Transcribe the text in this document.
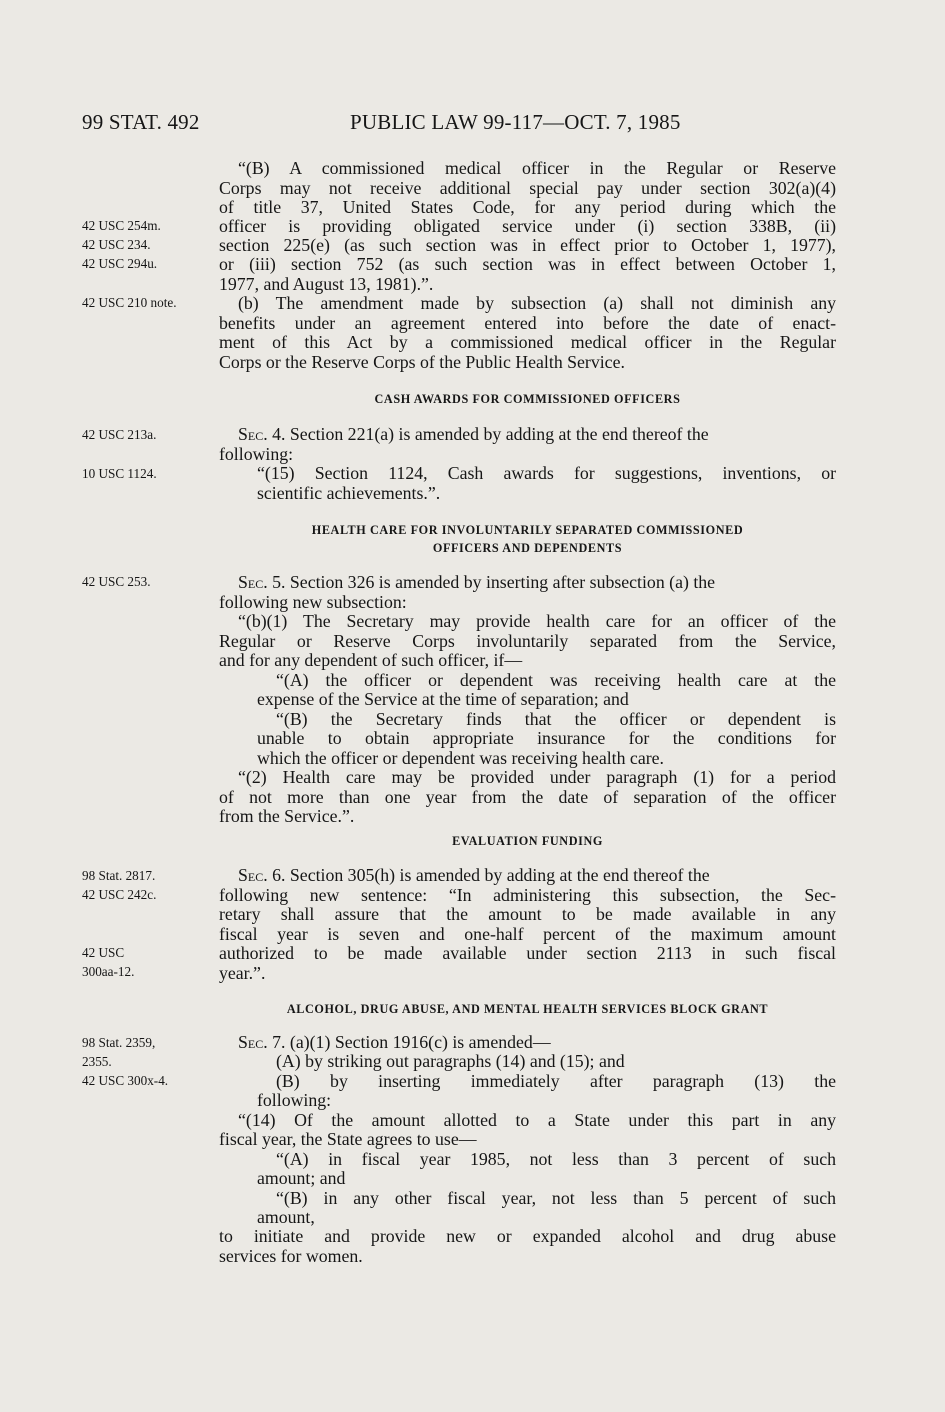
99 STAT. 492	PUBLIC LAW 99-117—OCT. 7, 1985
42 USC 254m.
42 USC 234.
42 USC 294u.
42 USC 210 note.
42 USC 213a.
10 USC 1124.
42 USC 253.
98 Stat. 2817.
42 USC 242c.
42 USC
300aa-12.
98 Stat. 2359,
2355.
42 USC 300x-4.
“(B) A commissioned medical officer in the Regular or Reserve
Corps may not receive additional special pay under section 302(a)(4)
of title 37, United States Code, for any period during which the
officer is providing obligated service under (i) section 338B, (ii)
section 225(e) (as such section was in effect prior to October 1, 1977),
or (iii) section 752 (as such section was in effect between October 1,
1977, and August 13, 1981).”.
(b) The amendment made by subsection (a) shall not diminish any
benefits under an agreement entered into before the date of enact-
ment of this Act by a commissioned medical officer in the Regular
Corps or the Reserve Corps of the Public Health Service.
CASH AWARDS FOR COMMISSIONED OFFICERS
Sec. 4. Section 221(a) is amended by adding at the end thereof the
following:
“(15) Section 1124, Cash awards for suggestions, inventions, or
scientific achievements.”.
HEALTH CARE FOR INVOLUNTARILY SEPARATED COMMISSIONED
OFFICERS AND DEPENDENTS
Sec. 5. Section 326 is amended by inserting after subsection (a) the
following new subsection:
“(b)(1) The Secretary may provide health care for an officer of the
Regular or Reserve Corps involuntarily separated from the Service,
and for any dependent of such officer, if—
“(A) the officer or dependent was receiving health care at the
expense of the Service at the time of separation; and
“(B) the Secretary finds that the officer or dependent is
unable to obtain appropriate insurance for the conditions for
which the officer or dependent was receiving health care.
“(2) Health care may be provided under paragraph (1) for a period
of not more than one year from the date of separation of the officer
from the Service.”.
EVALUATION FUNDING
Sec. 6. Section 305(h) is amended by adding at the end thereof the
following new sentence: “In administering this subsection, the Sec-
retary shall assure that the amount to be made available in any
fiscal year is seven and one-half percent of the maximum amount
authorized to be made available under section 2113 in such fiscal
year.”.
ALCOHOL, DRUG ABUSE, AND MENTAL HEALTH SERVICES BLOCK GRANT
Sec. 7. (a)(1) Section 1916(c) is amended—
(A) by striking out paragraphs (14) and (15); and
(B) by inserting immediately after paragraph (13) the
following:
“(14) Of the amount allotted to a State under this part in any
fiscal year, the State agrees to use—
“(A) in fiscal year 1985, not less than 3 percent of such
amount; and
“(B) in any other fiscal year, not less than 5 percent of such
amount,
to initiate and provide new or expanded alcohol and drug abuse
services for women.
